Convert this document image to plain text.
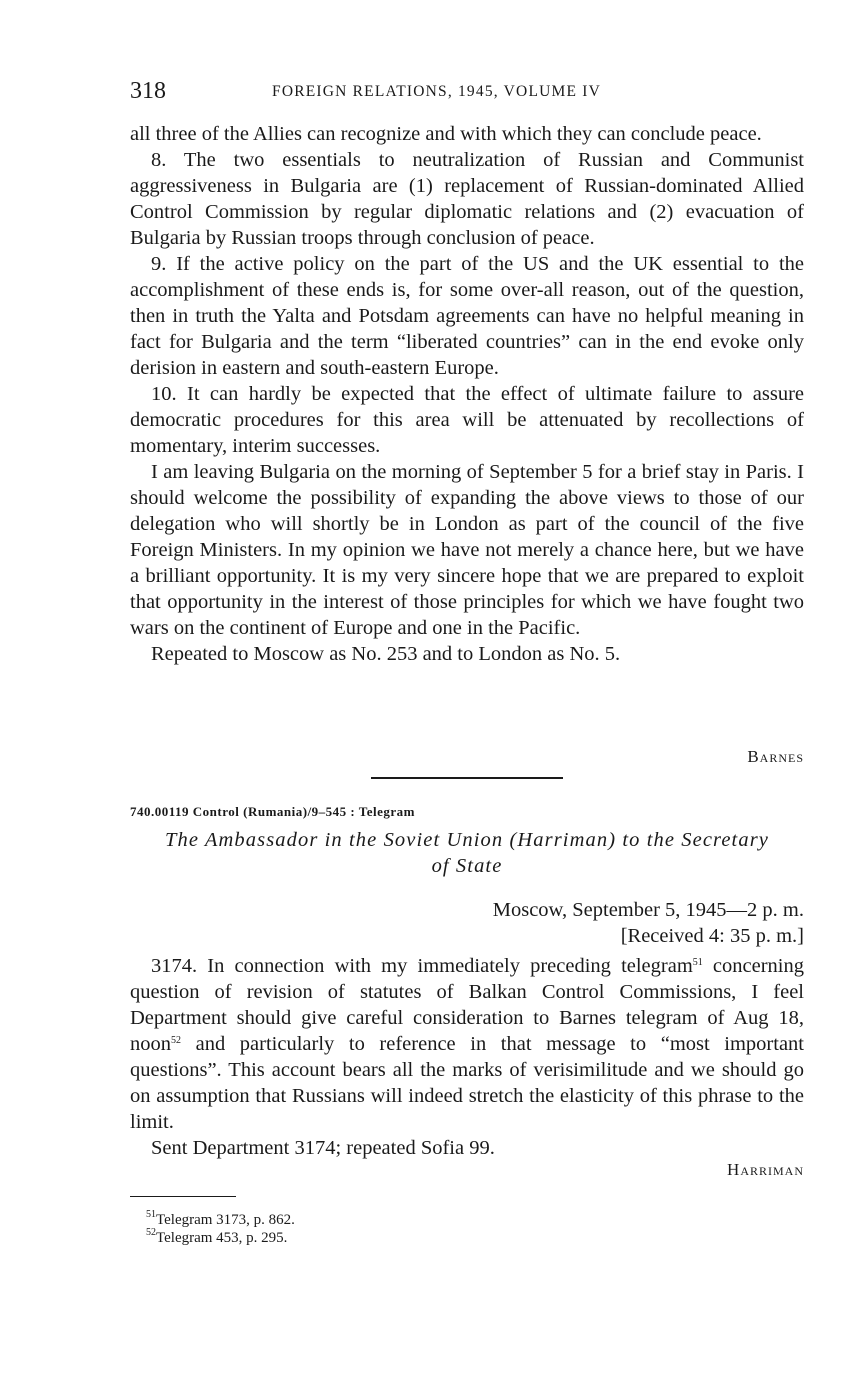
318	FOREIGN RELATIONS, 1945, VOLUME IV

all three of the Allies can recognize and with which they can conclude peace.

8. The two essentials to neutralization of Russian and Communist aggressiveness in Bulgaria are (1) replacement of Russian-dominated Allied Control Commission by regular diplomatic relations and (2) evacuation of Bulgaria by Russian troops through conclusion of peace.

9. If the active policy on the part of the US and the UK essential to the accomplishment of these ends is, for some over-all reason, out of the question, then in truth the Yalta and Potsdam agreements can have no helpful meaning in fact for Bulgaria and the term “liberated countries” can in the end evoke only derision in eastern and south-eastern Europe.

10. It can hardly be expected that the effect of ultimate failure to assure democratic procedures for this area will be attenuated by recollections of momentary, interim successes.

I am leaving Bulgaria on the morning of September 5 for a brief stay in Paris. I should welcome the possibility of expanding the above views to those of our delegation who will shortly be in London as part of the council of the five Foreign Ministers. In my opinion we have not merely a chance here, but we have a brilliant opportunity. It is my very sincere hope that we are prepared to exploit that opportunity in the interest of those principles for which we have fought two wars on the continent of Europe and one in the Pacific.

Repeated to Moscow as No. 253 and to London as No. 5.

Barnes
740.00119 Control (Rumania)/9–545 : Telegram
The Ambassador in the Soviet Union (Harriman) to the Secretary
of State
Moscow, September 5, 1945—2 p. m.
[Received 4: 35 p. m.]

3174. In connection with my immediately preceding telegram$^{51}$ concerning question of revision of statutes of Balkan Control Commissions, I feel Department should give careful consideration to Barnes telegram of Aug 18, noon$^{52}$ and particularly to reference in that message to “most important questions”. This account bears all the marks of verisimilitude and we should go on assumption that Russians will indeed stretch the elasticity of this phrase to the limit.

Sent Department 3174; repeated Sofia 99.

Harriman
$^{51}$Telegram 3173, p. 862.
$^{52}$Telegram 453, p. 295.
